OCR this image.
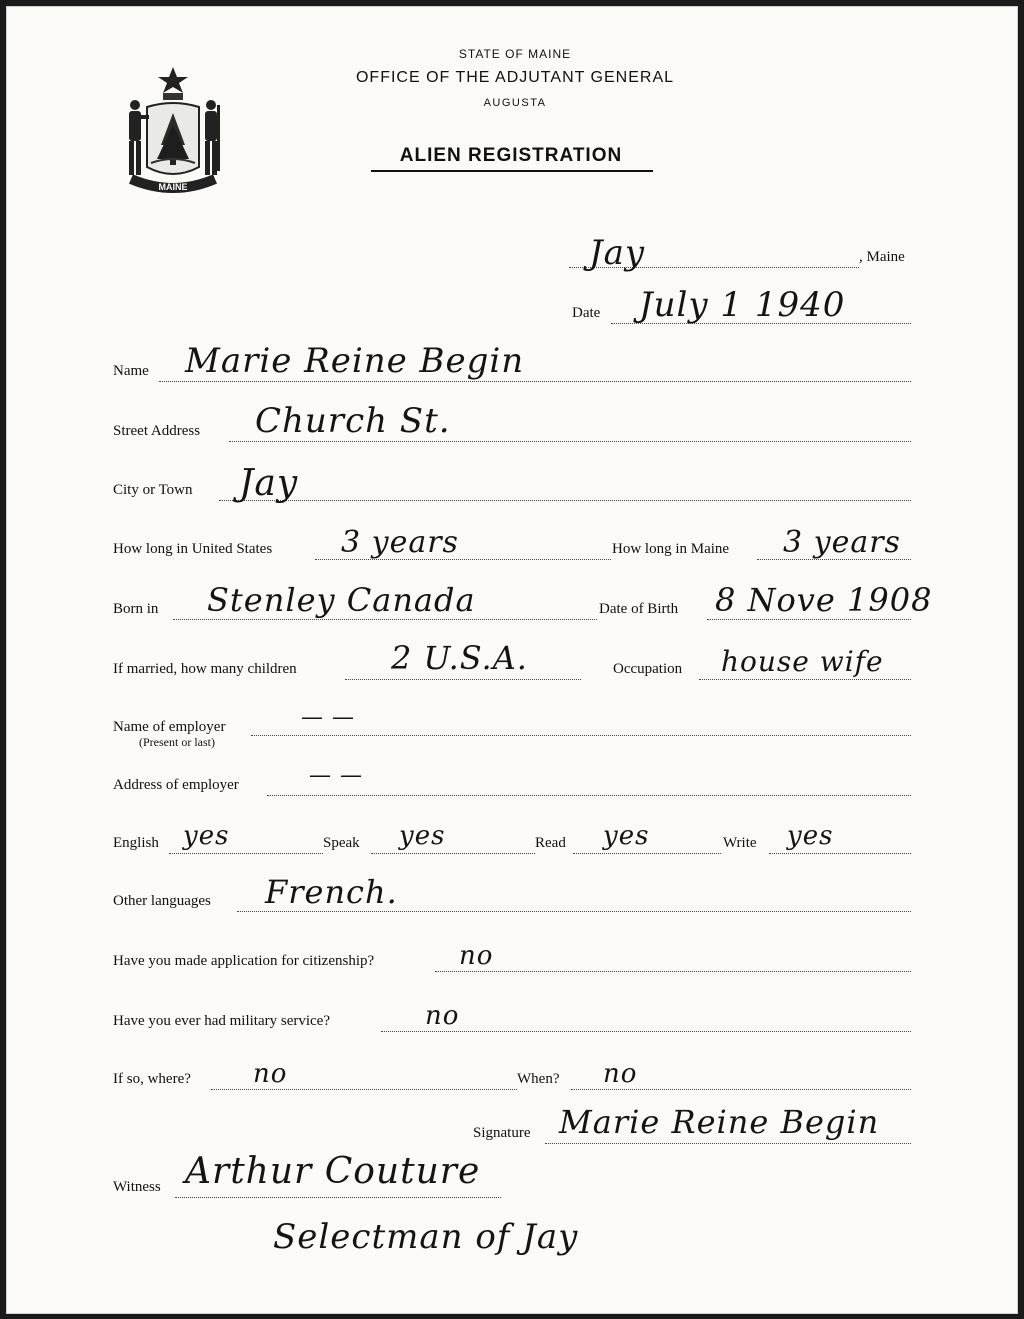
MAINE
STATE OF MAINE
OFFICE OF THE ADJUTANT GENERAL
AUGUSTA
ALIEN REGISTRATION
, Maine
Jay
Date July 1 1940
Name Marie Reine Begin
Street Address Church St.
City or Town Jay
How long in United States 3 years	How long in Maine 3 years
Born in Stenley Canada	Date of Birth 8 Nove 1908
If married, how many children	2 U.S.A.	Occupation house wife
Name of employer
(Present or last)
— —
Address of employer	— —
English yes	Speak yes	Read yes	Write yes
Other languages French.
Have you made application for citizenship?	no
Have you ever had military service?	no
If so, where? no	When? no
Signature Marie Reine Begin
Witness Arthur Couture
Selectman of Jay
